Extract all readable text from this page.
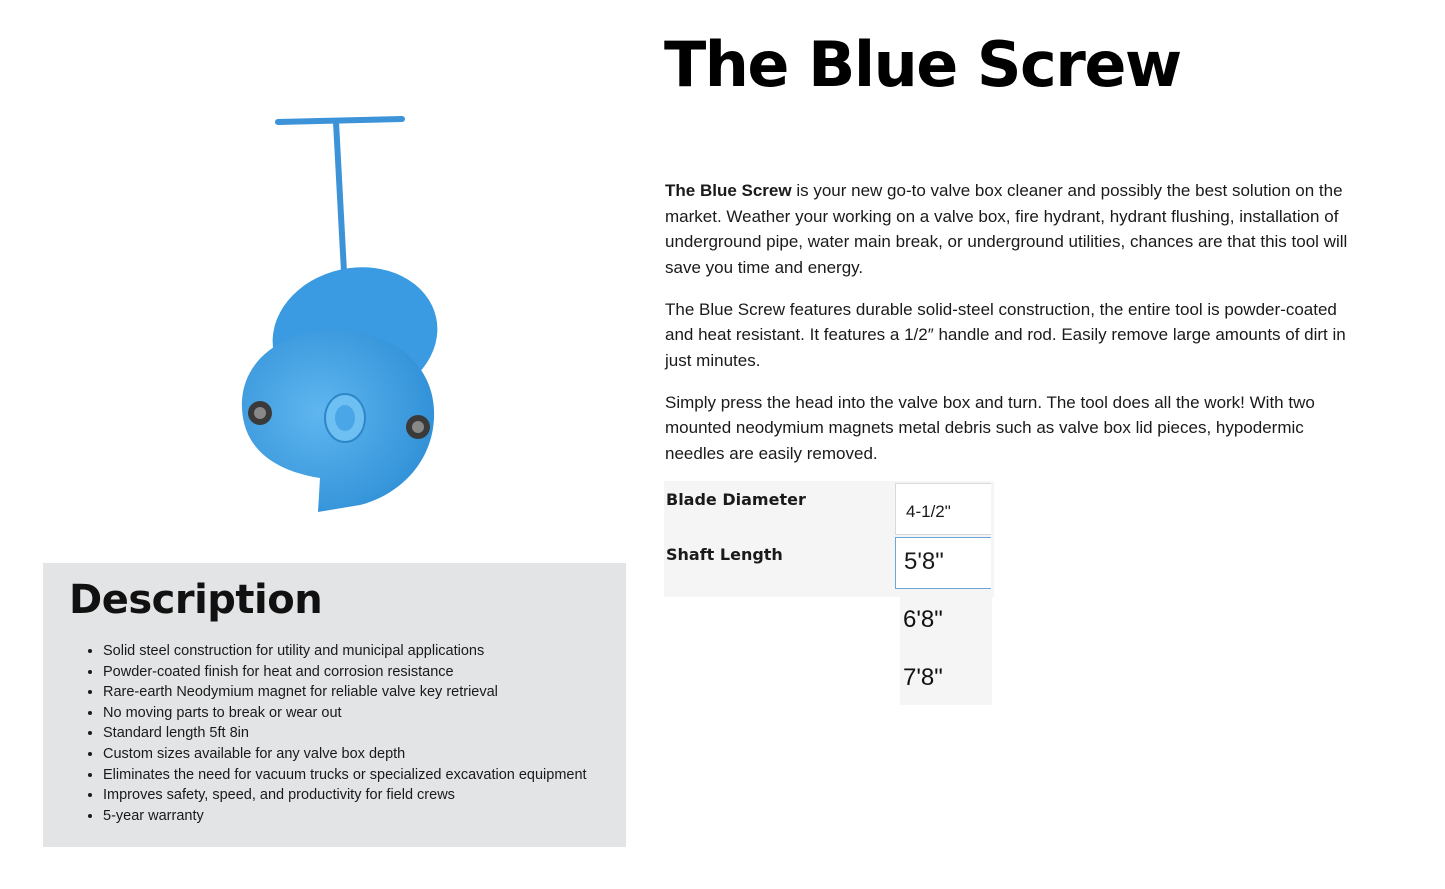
The Blue Screw

The Blue Screw is your new go-to valve box cleaner and possibly the best solution on the market. Weather your working on a valve box, fire hydrant, hydrant flushing, installation of underground pipe, water main break, or underground utilities, chances are that this tool will save you time and energy.

The Blue Screw features durable solid-steel construction, the entire tool is powder-coated and heat resistant. It features a 1/2″ handle and rod. Easily remove large amounts of dirt in just minutes.

Simply press the head into the valve box and turn. The tool does all the work! With two mounted neodymium magnets metal debris such as valve box lid pieces, hypodermic needles are easily removed.

Blade Diameter
4-1/2"
Shaft Length	5'8"
6'8"
7'8"
Description
• Solid steel construction for utility and municipal applications
• Powder-coated finish for heat and corrosion resistance
• Rare-earth Neodymium magnet for reliable valve key retrieval
• No moving parts to break or wear out
• Standard length 5ft 8in
• Custom sizes available for any valve box depth
• Eliminates the need for vacuum trucks or specialized excavation equipment
• Improves safety, speed, and productivity for field crews
• 5-year warranty
